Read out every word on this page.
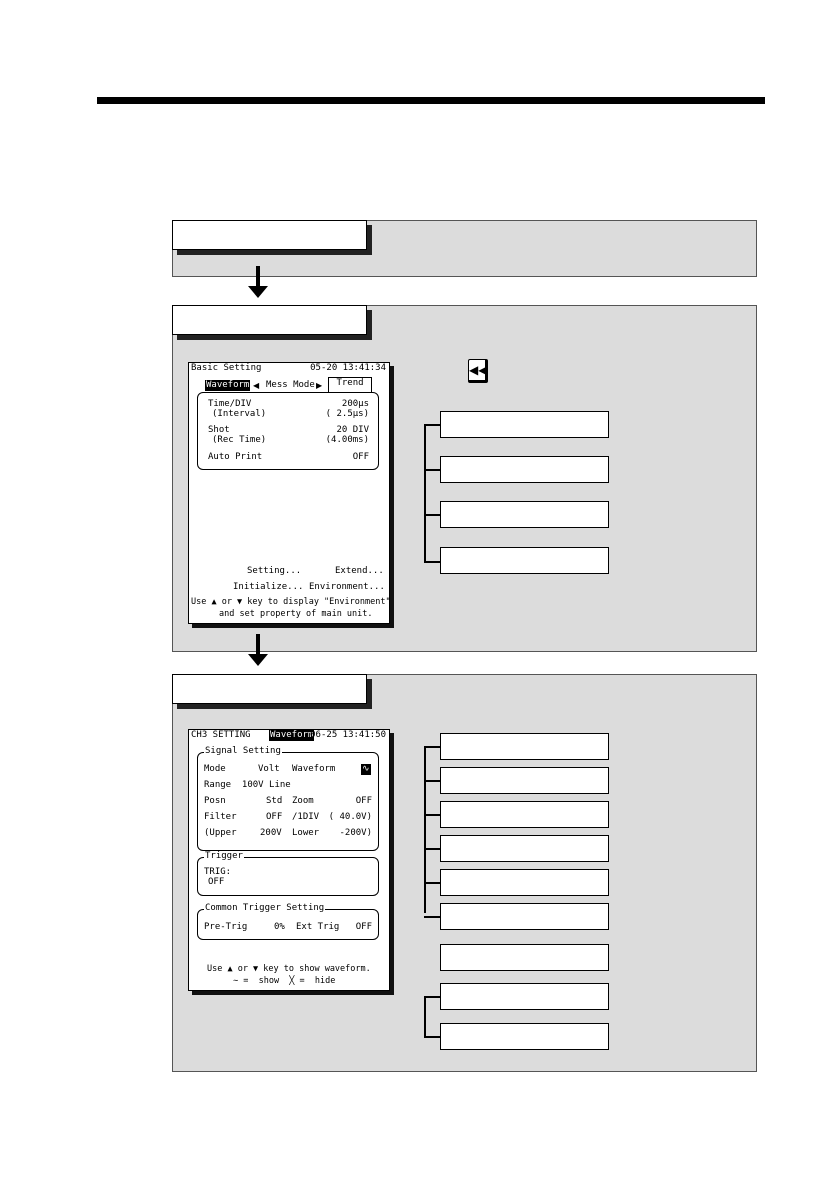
Basic Setting	05-20 13:41:34
Waveform ◀ Mess Mode ▶	Trend
Time/DIV	200μs
(Interval)	( 2.5μs)
Shot	20 DIV
(Rec Time)	(4.00ms)
Auto Print	OFF
Setting...	Extend...
Initialize... Environment...
Use ▲ or ▼ key to display "Environment"
and set property of main unit.
◀◀
CH3 SETTING Waveform
06-25 13:41:50
Signal Setting
Mode	Volt Waveform	∿
Range  100V Line
Posn	Std Zoom	OFF
Filter	OFF /1DIV ( 40.0V)
(Upper	200V Lower -200V)
Trigger
TRIG:
OFF
Common Trigger Setting
Pre-Trig	0% Ext Trig OFF
Use ▲ or ▼ key to show waveform.
∼ =  show  ╳ =  hide
